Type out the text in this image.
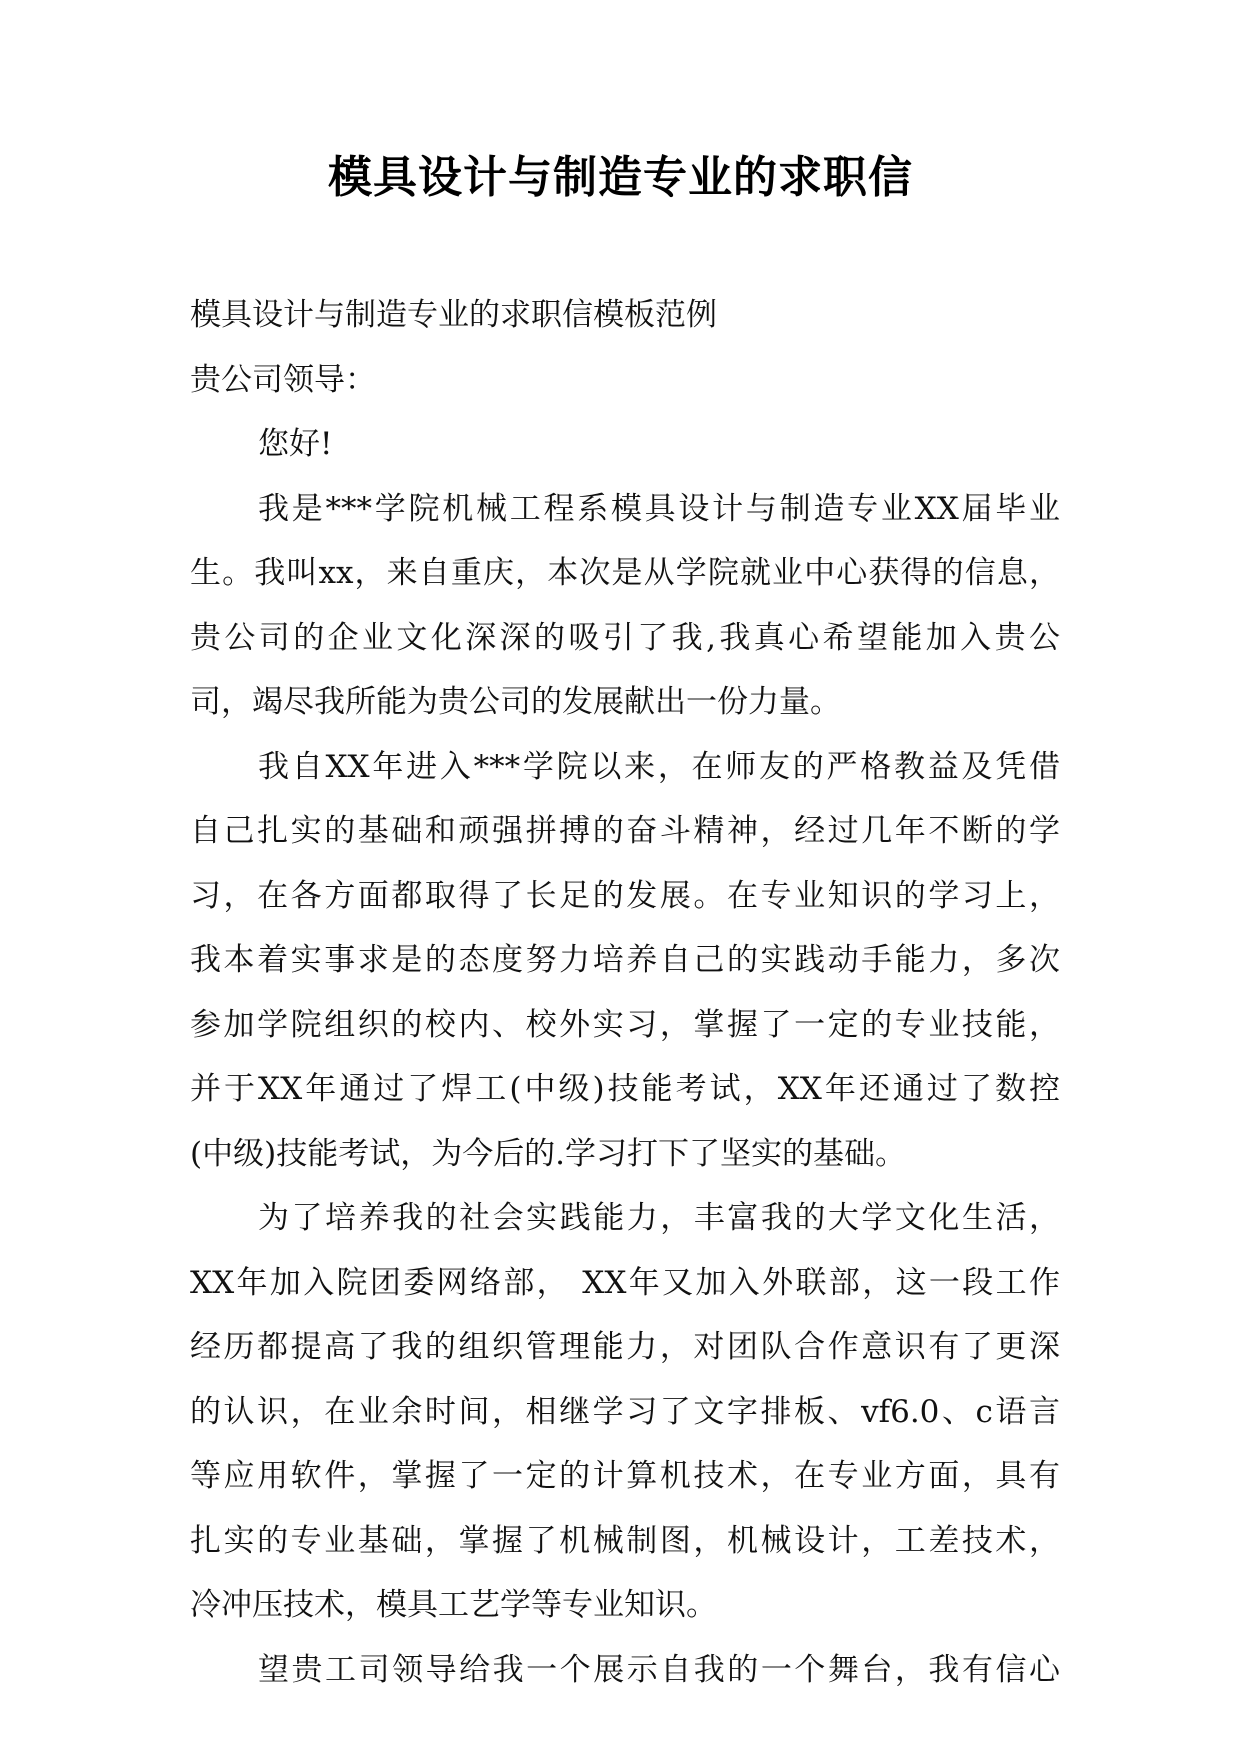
模具设计与制造专业的求职信
模具设计与制造专业的求职信模板范例
贵公司领导：
您好!
我是***学院机械工程系模具设计与制造专业XX届毕业
生。我叫xx，来自重庆，本次是从学院就业中心获得的信息，
贵公司的企业文化深深的吸引了我,我真心希望能加入贵公
司，竭尽我所能为贵公司的发展献出一份力量。
我自XX年进入***学院以来，在师友的严格教益及凭借
自己扎实的基础和顽强拼搏的奋斗精神，经过几年不断的学
习，在各方面都取得了长足的发展。在专业知识的学习上，
我本着实事求是的态度努力培养自己的实践动手能力，多次
参加学院组织的校内、校外实习，掌握了一定的专业技能，
并于XX年通过了焊工(中级)技能考试，XX年还通过了数控
(中级)技能考试，为今后的.学习打下了坚实的基础。
为了培养我的社会实践能力，丰富我的大学文化生活，
XX年加入院团委网络部， XX年又加入外联部，这一段工作
经历都提高了我的组织管理能力，对团队合作意识有了更深
的认识，在业余时间，相继学习了文字排板、vf6.0、c语言
等应用软件，掌握了一定的计算机技术，在专业方面，具有
扎实的专业基础，掌握了机械制图，机械设计，工差技术，
冷冲压技术，模具工艺学等专业知识。
望贵工司领导给我一个展示自我的一个舞台，我有信心
